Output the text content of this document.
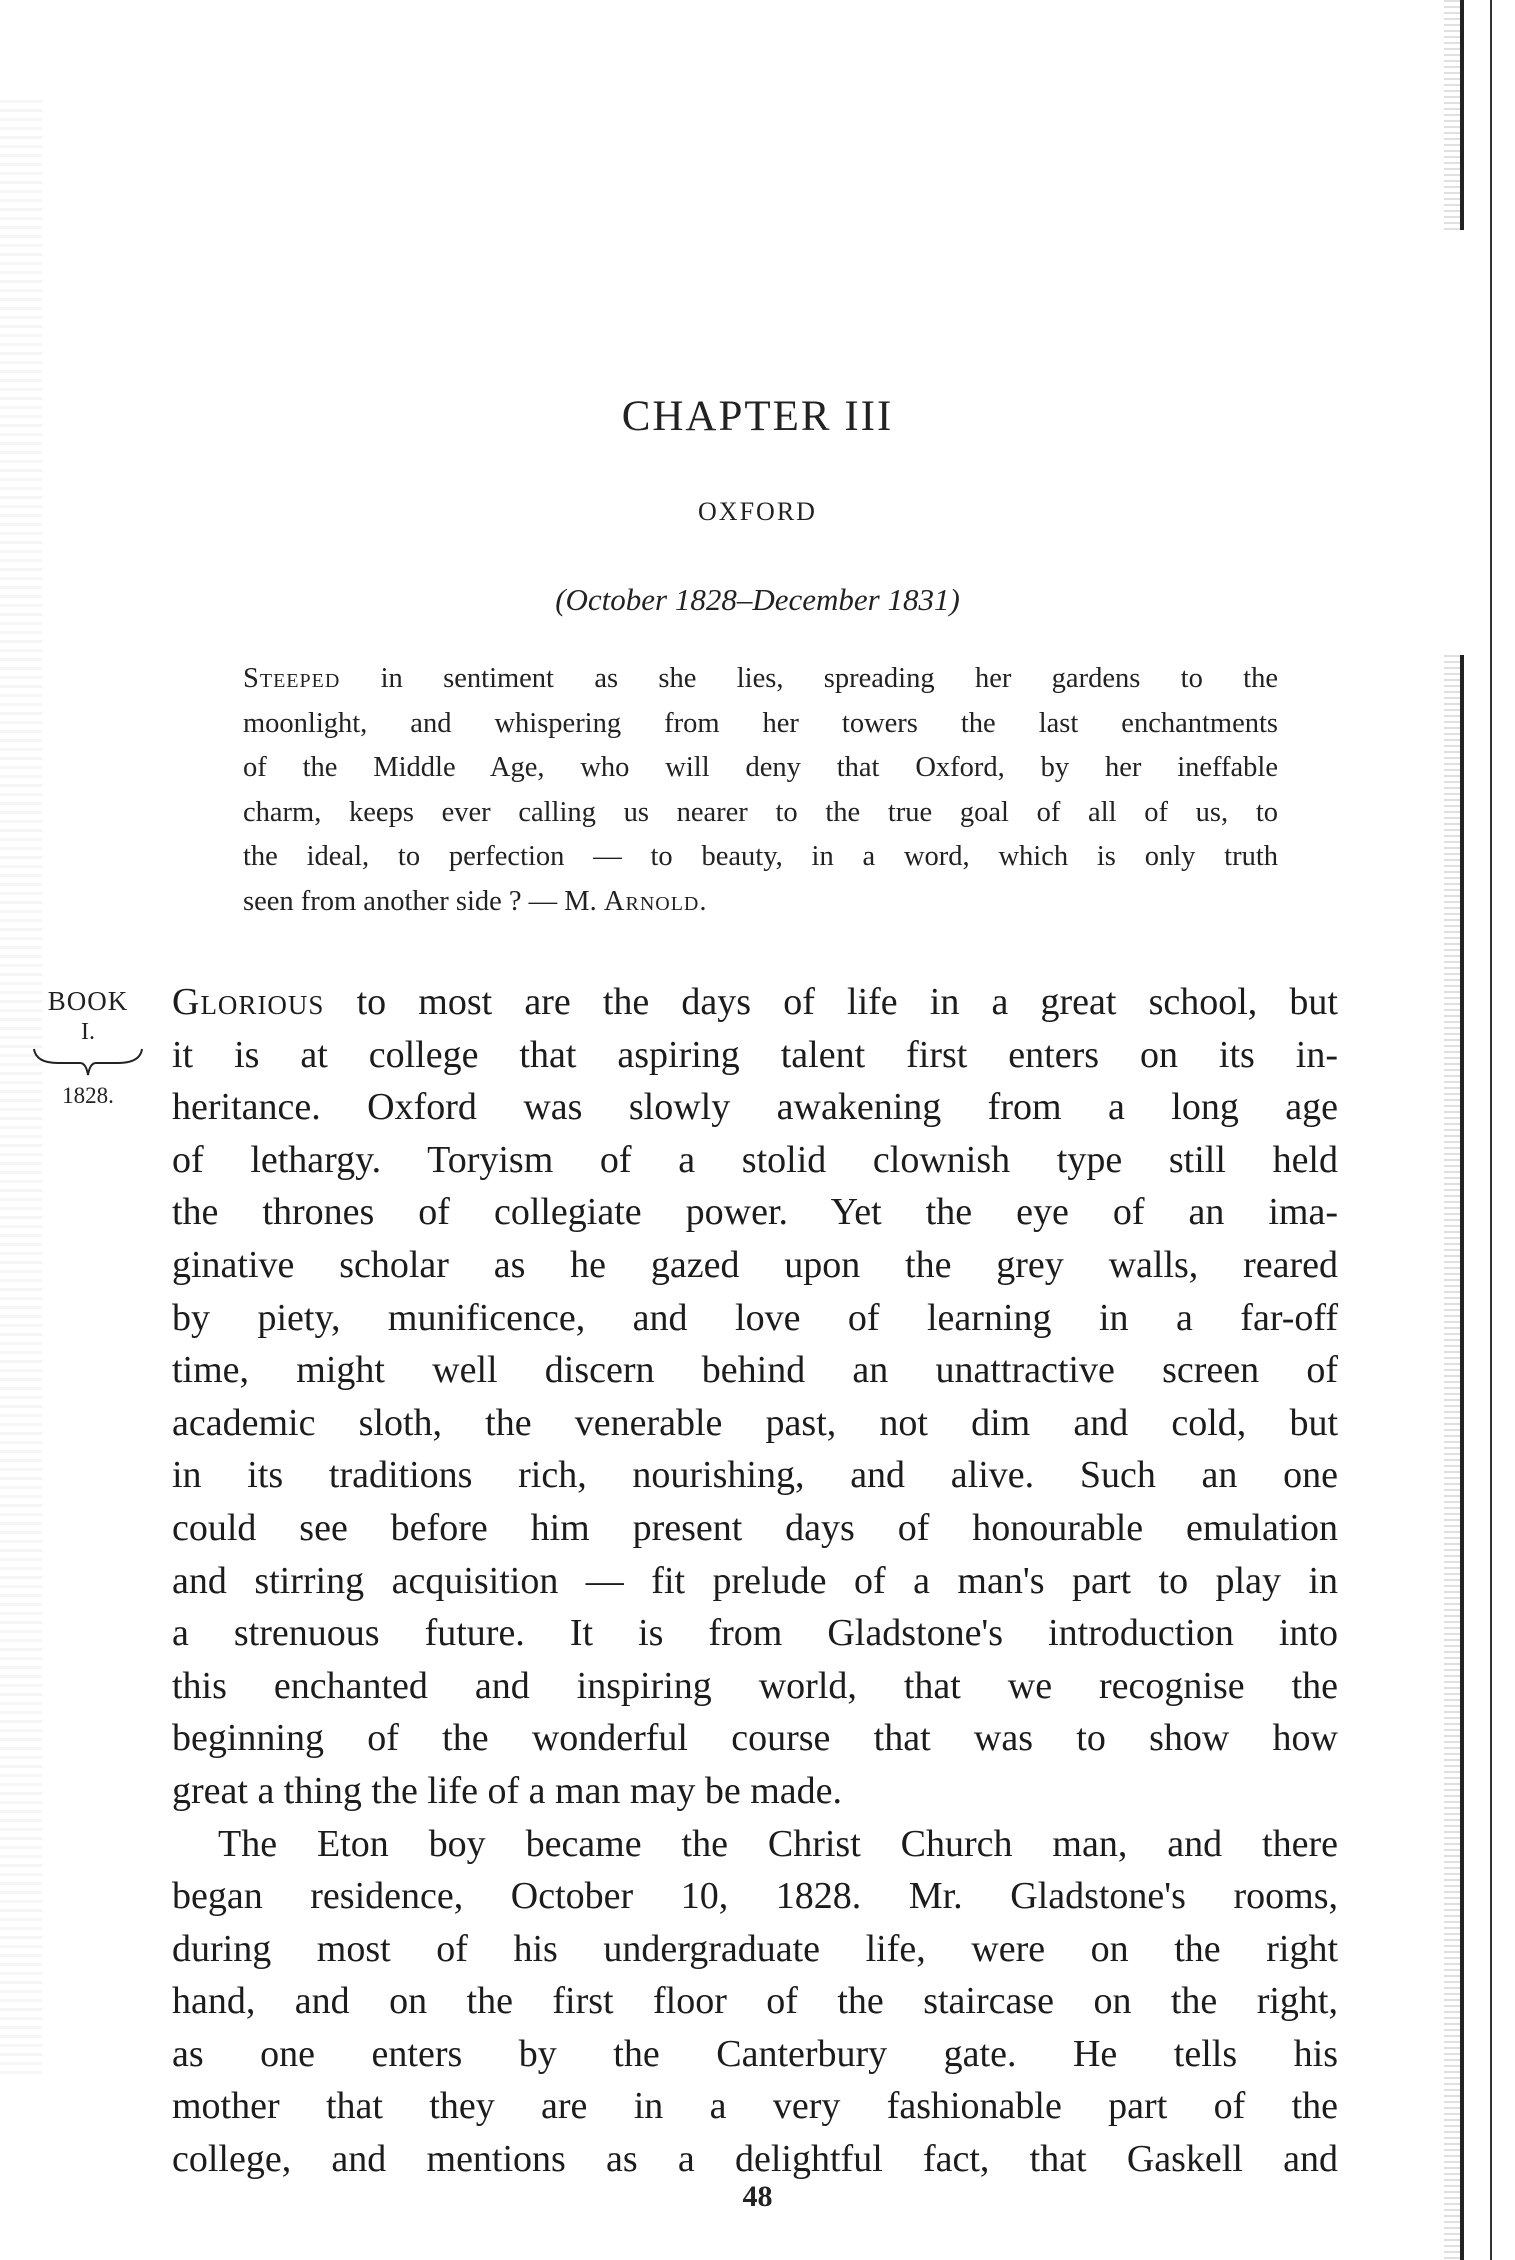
CHAPTER III
OXFORD
(October 1828–December 1831)
Steeped in sentiment as she lies, spreading her gardens to the
moonlight, and whispering from her towers the last enchantments
of the Middle Age, who will deny that Oxford, by her ineffable
charm, keeps ever calling us nearer to the true goal of all of us, to
the ideal, to perfection — to beauty, in a word, which is only truth
seen from another side ? — M. Arnold.
BOOK
I.
1828.
Glorious to most are the days of life in a great school, but
it is at college that aspiring talent first enters on its in-
heritance. Oxford was slowly awakening from a long age
of lethargy. Toryism of a stolid clownish type still held
the thrones of collegiate power. Yet the eye of an ima-
ginative scholar as he gazed upon the grey walls, reared
by piety, munificence, and love of learning in a far-off
time, might well discern behind an unattractive screen of
academic sloth, the venerable past, not dim and cold, but
in its traditions rich, nourishing, and alive. Such an one
could see before him present days of honourable emulation
and stirring acquisition — fit prelude of a man's part to play in
a strenuous future. It is from Gladstone's introduction into
this enchanted and inspiring world, that we recognise the
beginning of the wonderful course that was to show how
great a thing the life of a man may be made.
The Eton boy became the Christ Church man, and there
began residence, October 10, 1828. Mr. Gladstone's rooms,
during most of his undergraduate life, were on the right
hand, and on the first floor of the staircase on the right,
as one enters by the Canterbury gate. He tells his
mother that they are in a very fashionable part of the
college, and mentions as a delightful fact, that Gaskell and
48
